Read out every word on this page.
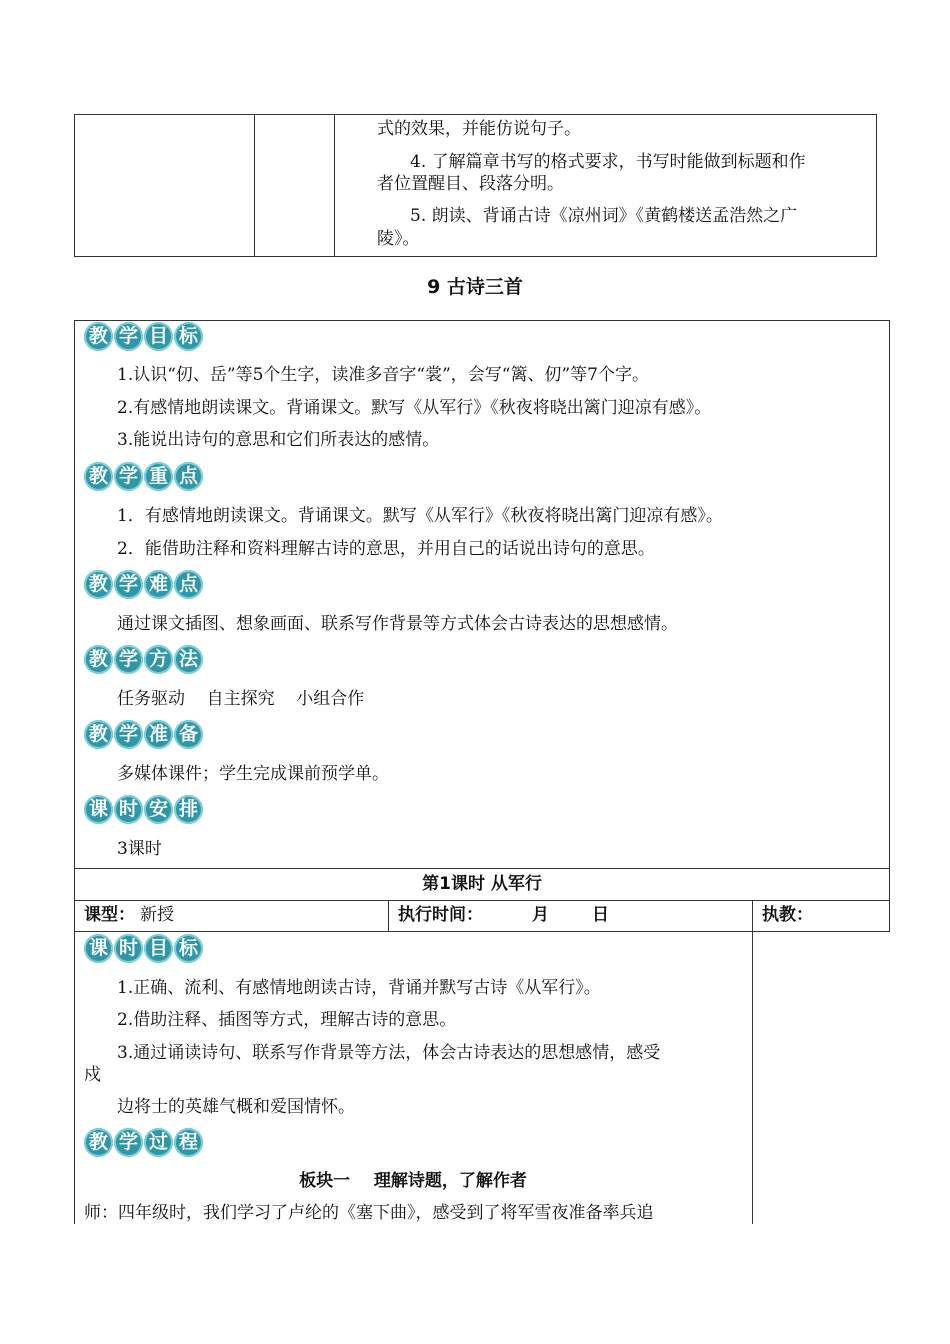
式的效果，并能仿说句子。
4. 了解篇章书写的格式要求，书写时能做到标题和作
者位置醒目、段落分明。
5. 朗读、背诵古诗《凉州词》《黄鹤楼送孟浩然之广
陵》。
9 古诗三首
教 学 目 标
1.认识“仞、岳”等5个生字，读准多音字“裳”，会写“篱、仞”等7个字。
2.有感情地朗读课文。背诵课文。默写《从军行》《秋夜将晓出篱门迎凉有感》。
3.能说出诗句的意思和它们所表达的感情。
教 学 重 点
1．有感情地朗读课文。背诵课文。默写《从军行》《秋夜将晓出篱门迎凉有感》。
2．能借助注释和资料理解古诗的意思，并用自己的话说出诗句的意思。
教 学 难 点
通过课文插图、想象画面、联系写作背景等方式体会古诗表达的思想感情。
教 学 方 法
任务驱动    自主探究    小组合作
教 学 准 备
多媒体课件；学生完成课前预学单。
课 时 安 排
3课时
第1课时 从军行
课型： 新授	执行时间：	月	日	执教：
课 时 目 标
1.正确、流利、有感情地朗读古诗，背诵并默写古诗《从军行》。
2.借助注释、插图等方式，理解古诗的意思。
3.通过诵读诗句、联系写作背景等方法，体会古诗表达的思想感情，感受
戍
边将士的英雄气概和爱国情怀。
教 学 过 程
板块一    理解诗题，了解作者
师：四年级时，我们学习了卢纶的《塞下曲》，感受到了将军雪夜准备率兵追
